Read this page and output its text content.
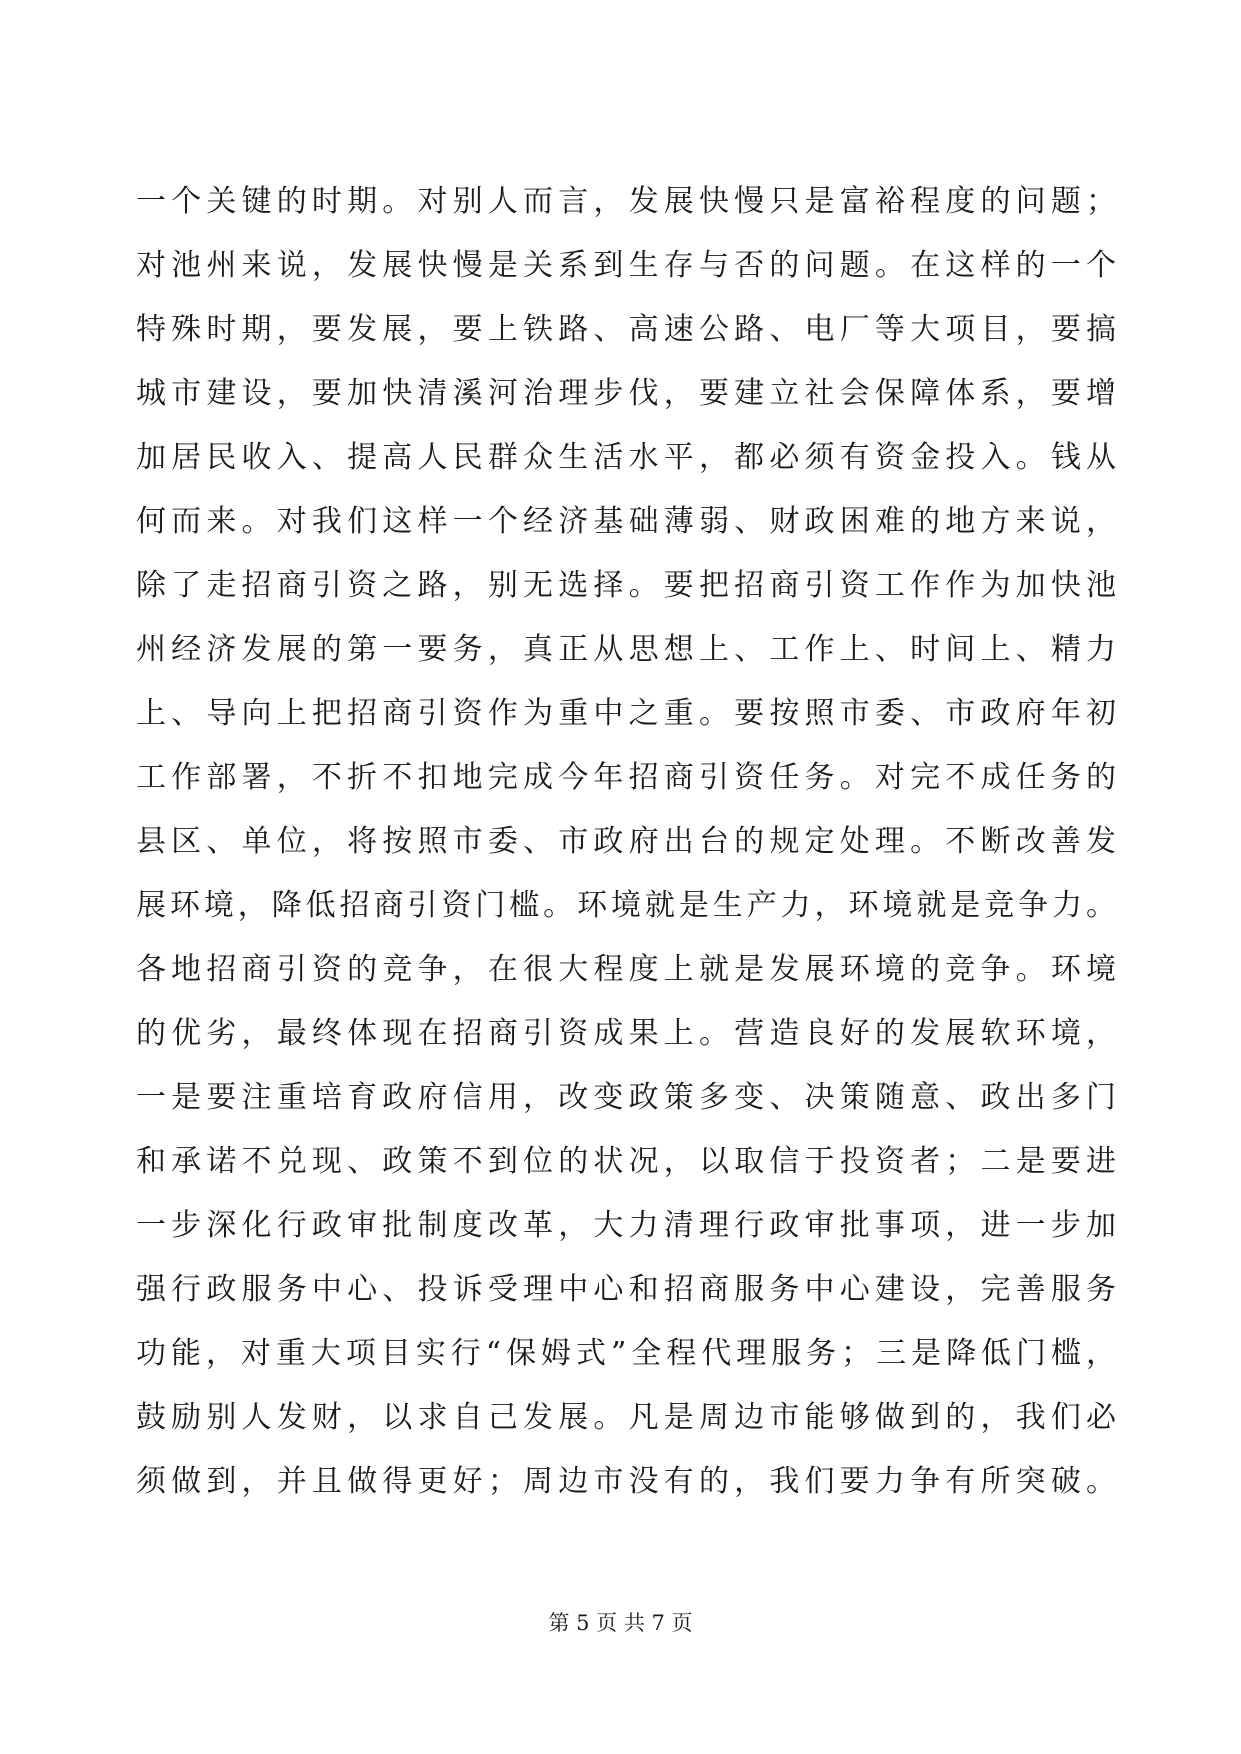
一个关键的时期。对别人而言，发展快慢只是富裕程度的问题；
对池州来说，发展快慢是关系到生存与否的问题。在这样的一个
特殊时期，要发展，要上铁路、高速公路、电厂等大项目，要搞
城市建设，要加快清溪河治理步伐，要建立社会保障体系，要增
加居民收入、提高人民群众生活水平，都必须有资金投入。钱从
何而来。对我们这样一个经济基础薄弱、财政困难的地方来说，
除了走招商引资之路，别无选择。要把招商引资工作作为加快池
州经济发展的第一要务，真正从思想上、工作上、时间上、精力
上、导向上把招商引资作为重中之重。要按照市委、市政府年初
工作部署，不折不扣地完成今年招商引资任务。对完不成任务的
县区、单位，将按照市委、市政府出台的规定处理。不断改善发
展环境，降低招商引资门槛。环境就是生产力，环境就是竞争力。
各地招商引资的竞争，在很大程度上就是发展环境的竞争。环境
的优劣，最终体现在招商引资成果上。营造良好的发展软环境，
一是要注重培育政府信用，改变政策多变、决策随意、政出多门
和承诺不兑现、政策不到位的状况，以取信于投资者；二是要进
一步深化行政审批制度改革，大力清理行政审批事项，进一步加
强行政服务中心、投诉受理中心和招商服务中心建设，完善服务
功能，对重大项目实行“保姆式”全程代理服务；三是降低门槛，
鼓励别人发财，以求自己发展。凡是周边市能够做到的，我们必
须做到，并且做得更好；周边市没有的，我们要力争有所突破。
第 5 页 共 7 页
